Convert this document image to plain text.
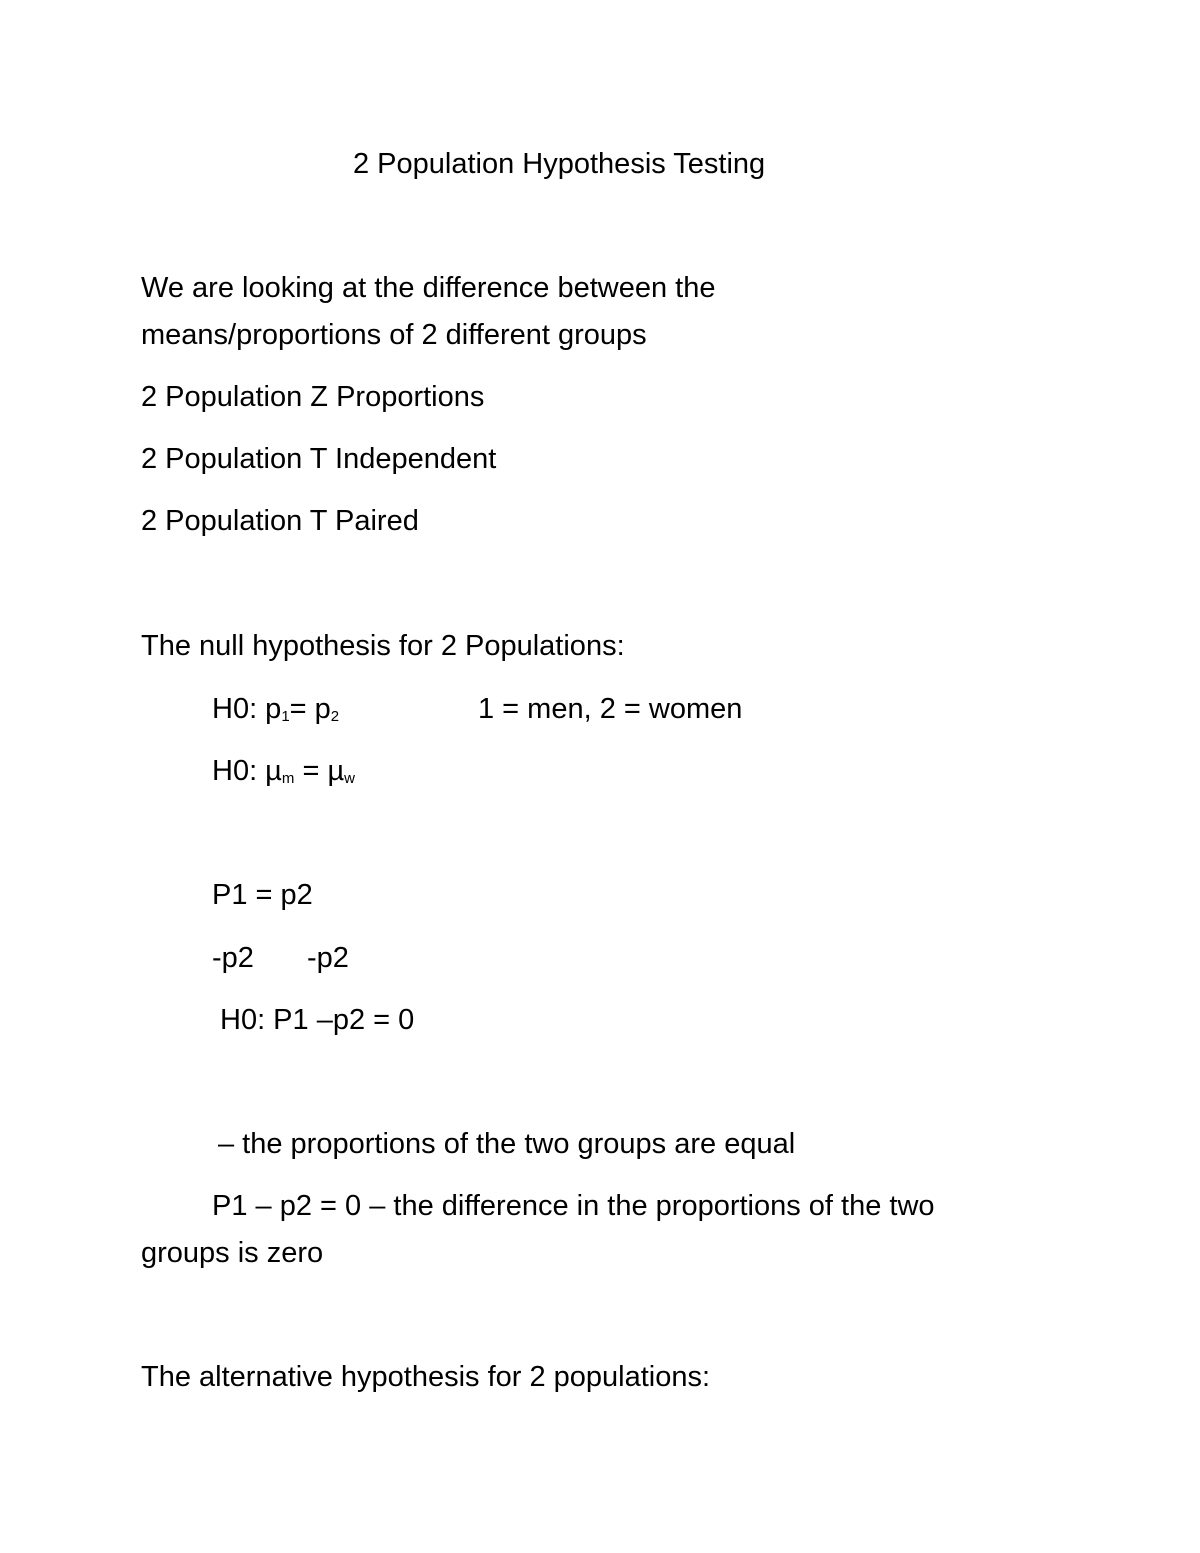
2 Population Hypothesis Testing
We are looking at the difference between the
means/proportions of 2 different groups
2 Population Z Proportions
2 Population T Independent
2 Population T Paired
The null hypothesis for 2 Populations:
H0: $p_1= p_2$	1 = men, 2 = women
H0: µ$_m$ = µ$_w$
P1 = p2
-p2 -p2
H0: P1 –p2 = 0
– the proportions of the two groups are equal
P1 – p2 = 0 – the difference in the proportions of the two
groups is zero
The alternative hypothesis for 2 populations:
